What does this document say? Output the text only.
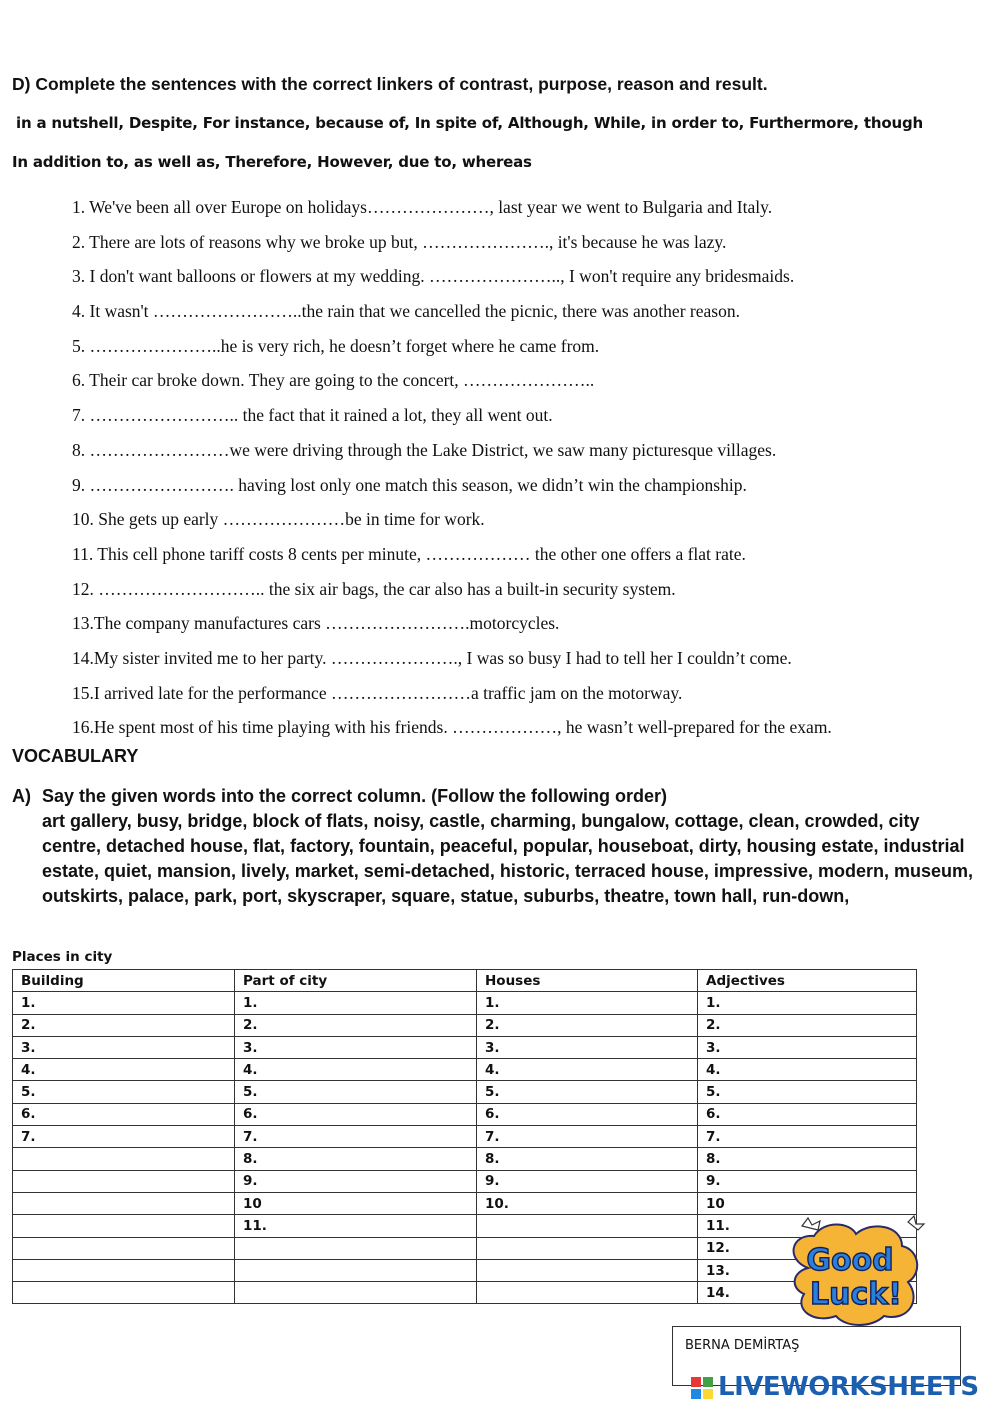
D) Complete the sentences with the correct linkers of contrast, purpose, reason and result.
in a nutshell, Despite, For instance, because of, In spite of, Although, While, in order to, Furthermore, though
In addition to, as well as, Therefore, However, due to, whereas
1. We've been all over Europe on holidays…………………, last year we went to Bulgaria and Italy.
2. There are lots of reasons why we broke up but, …………………., it's because he was lazy.
3. I don't want balloons or flowers at my wedding. ………………….., I won't require any bridesmaids.
4. It wasn't ……………………..the rain that we cancelled the picnic, there was another reason.
5. …………………..he is very rich, he doesn’t forget where he came from.
6. Their car broke down. They are going to the concert, …………………..
7. …………………….. the fact that it rained a lot, they all went out.
8. ……………………we were driving through the Lake District, we saw many picturesque villages.
9. ……………………. having lost only one match this season, we didn’t win the championship.
10. She gets up early …………………be in time for work.
11. This cell phone tariff costs 8 cents per minute, ……………… the other one offers a flat rate.
12. ……………………….. the six air bags, the car also has a built-in security system.
13.The company manufactures cars …………………….motorcycles.
14.My sister invited me to her party. …………………., I was so busy I had to tell her I couldn’t come.
15.I arrived late for the performance ……………………a traffic jam on the motorway.
16.He spent most of his time playing with his friends. ………………, he wasn’t well-prepared for the exam.
VOCABULARY
A) Say the given words into the correct column. (Follow the following order)
art gallery, busy, bridge, block of flats, noisy, castle, charming, bungalow, cottage, clean, crowded, city centre, detached house, flat, factory, fountain, peaceful, popular, houseboat, dirty, housing estate, industrial estate, quiet, mansion, lively, market, semi-detached, historic, terraced house, impressive, modern, museum, outskirts, palace, park, port, skyscraper, square, statue, suburbs, theatre, town hall, run-down,
Places in city
Building	Part of city	Houses	Adjectives
1.	1.	1.	1.
2.	2.	2.	2.
3.	3.	3.	3.
4.	4.	4.	4.
5.	5.	5.	5.
6.	6.	6.	6.
7.	7.	7.	7.
	8.	8.	8.
	9.	9.	9.
	10	10.	10
	11.		11.
			12.
			13.
			14.
Good
Luck!
BERNA DEMİRTAŞ
LIVEWORKSHEETS
